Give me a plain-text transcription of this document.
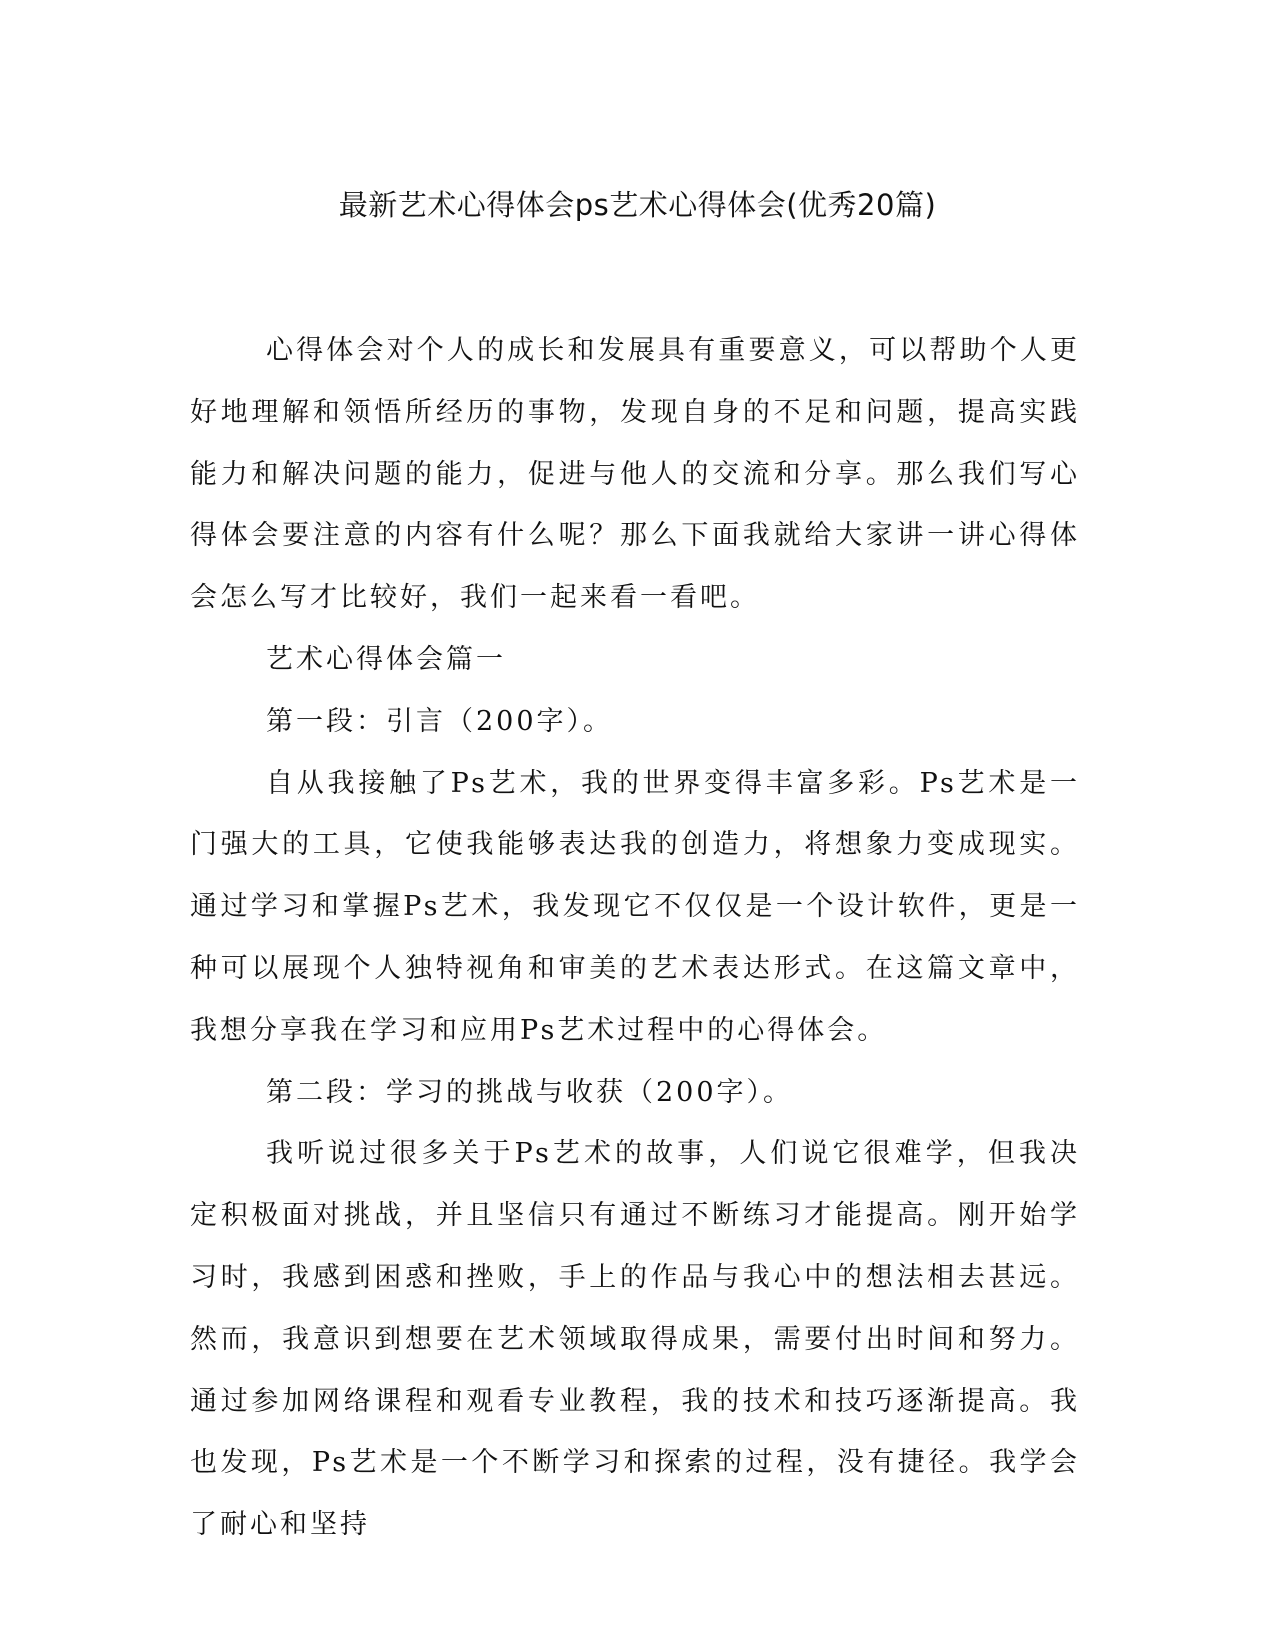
最新艺术心得体会ps艺术心得体会(优秀20篇)

心得体会对个人的成长和发展具有重要意义，可以帮助个人更好地理解和领悟所经历的事物，发现自身的不足和问题，提高实践能力和解决问题的能力，促进与他人的交流和分享。那么我们写心得体会要注意的内容有什么呢？那么下面我就给大家讲一讲心得体会怎么写才比较好，我们一起来看一看吧。

艺术心得体会篇一

第一段：引言（200字）。

自从我接触了Ps艺术，我的世界变得丰富多彩。Ps艺术是一门强大的工具，它使我能够表达我的创造力，将想象力变成现实。通过学习和掌握Ps艺术，我发现它不仅仅是一个设计软件，更是一种可以展现个人独特视角和审美的艺术表达形式。在这篇文章中，我想分享我在学习和应用Ps艺术过程中的心得体会。

第二段：学习的挑战与收获（200字）。

我听说过很多关于Ps艺术的故事，人们说它很难学，但我决定积极面对挑战，并且坚信只有通过不断练习才能提高。刚开始学习时，我感到困惑和挫败，手上的作品与我心中的想法相去甚远。然而，我意识到想要在艺术领域取得成果，需要付出时间和努力。通过参加网络课程和观看专业教程，我的技术和技巧逐渐提高。我也发现，Ps艺术是一个不断学习和探索的过程，没有捷径。我学会了耐心和坚持
